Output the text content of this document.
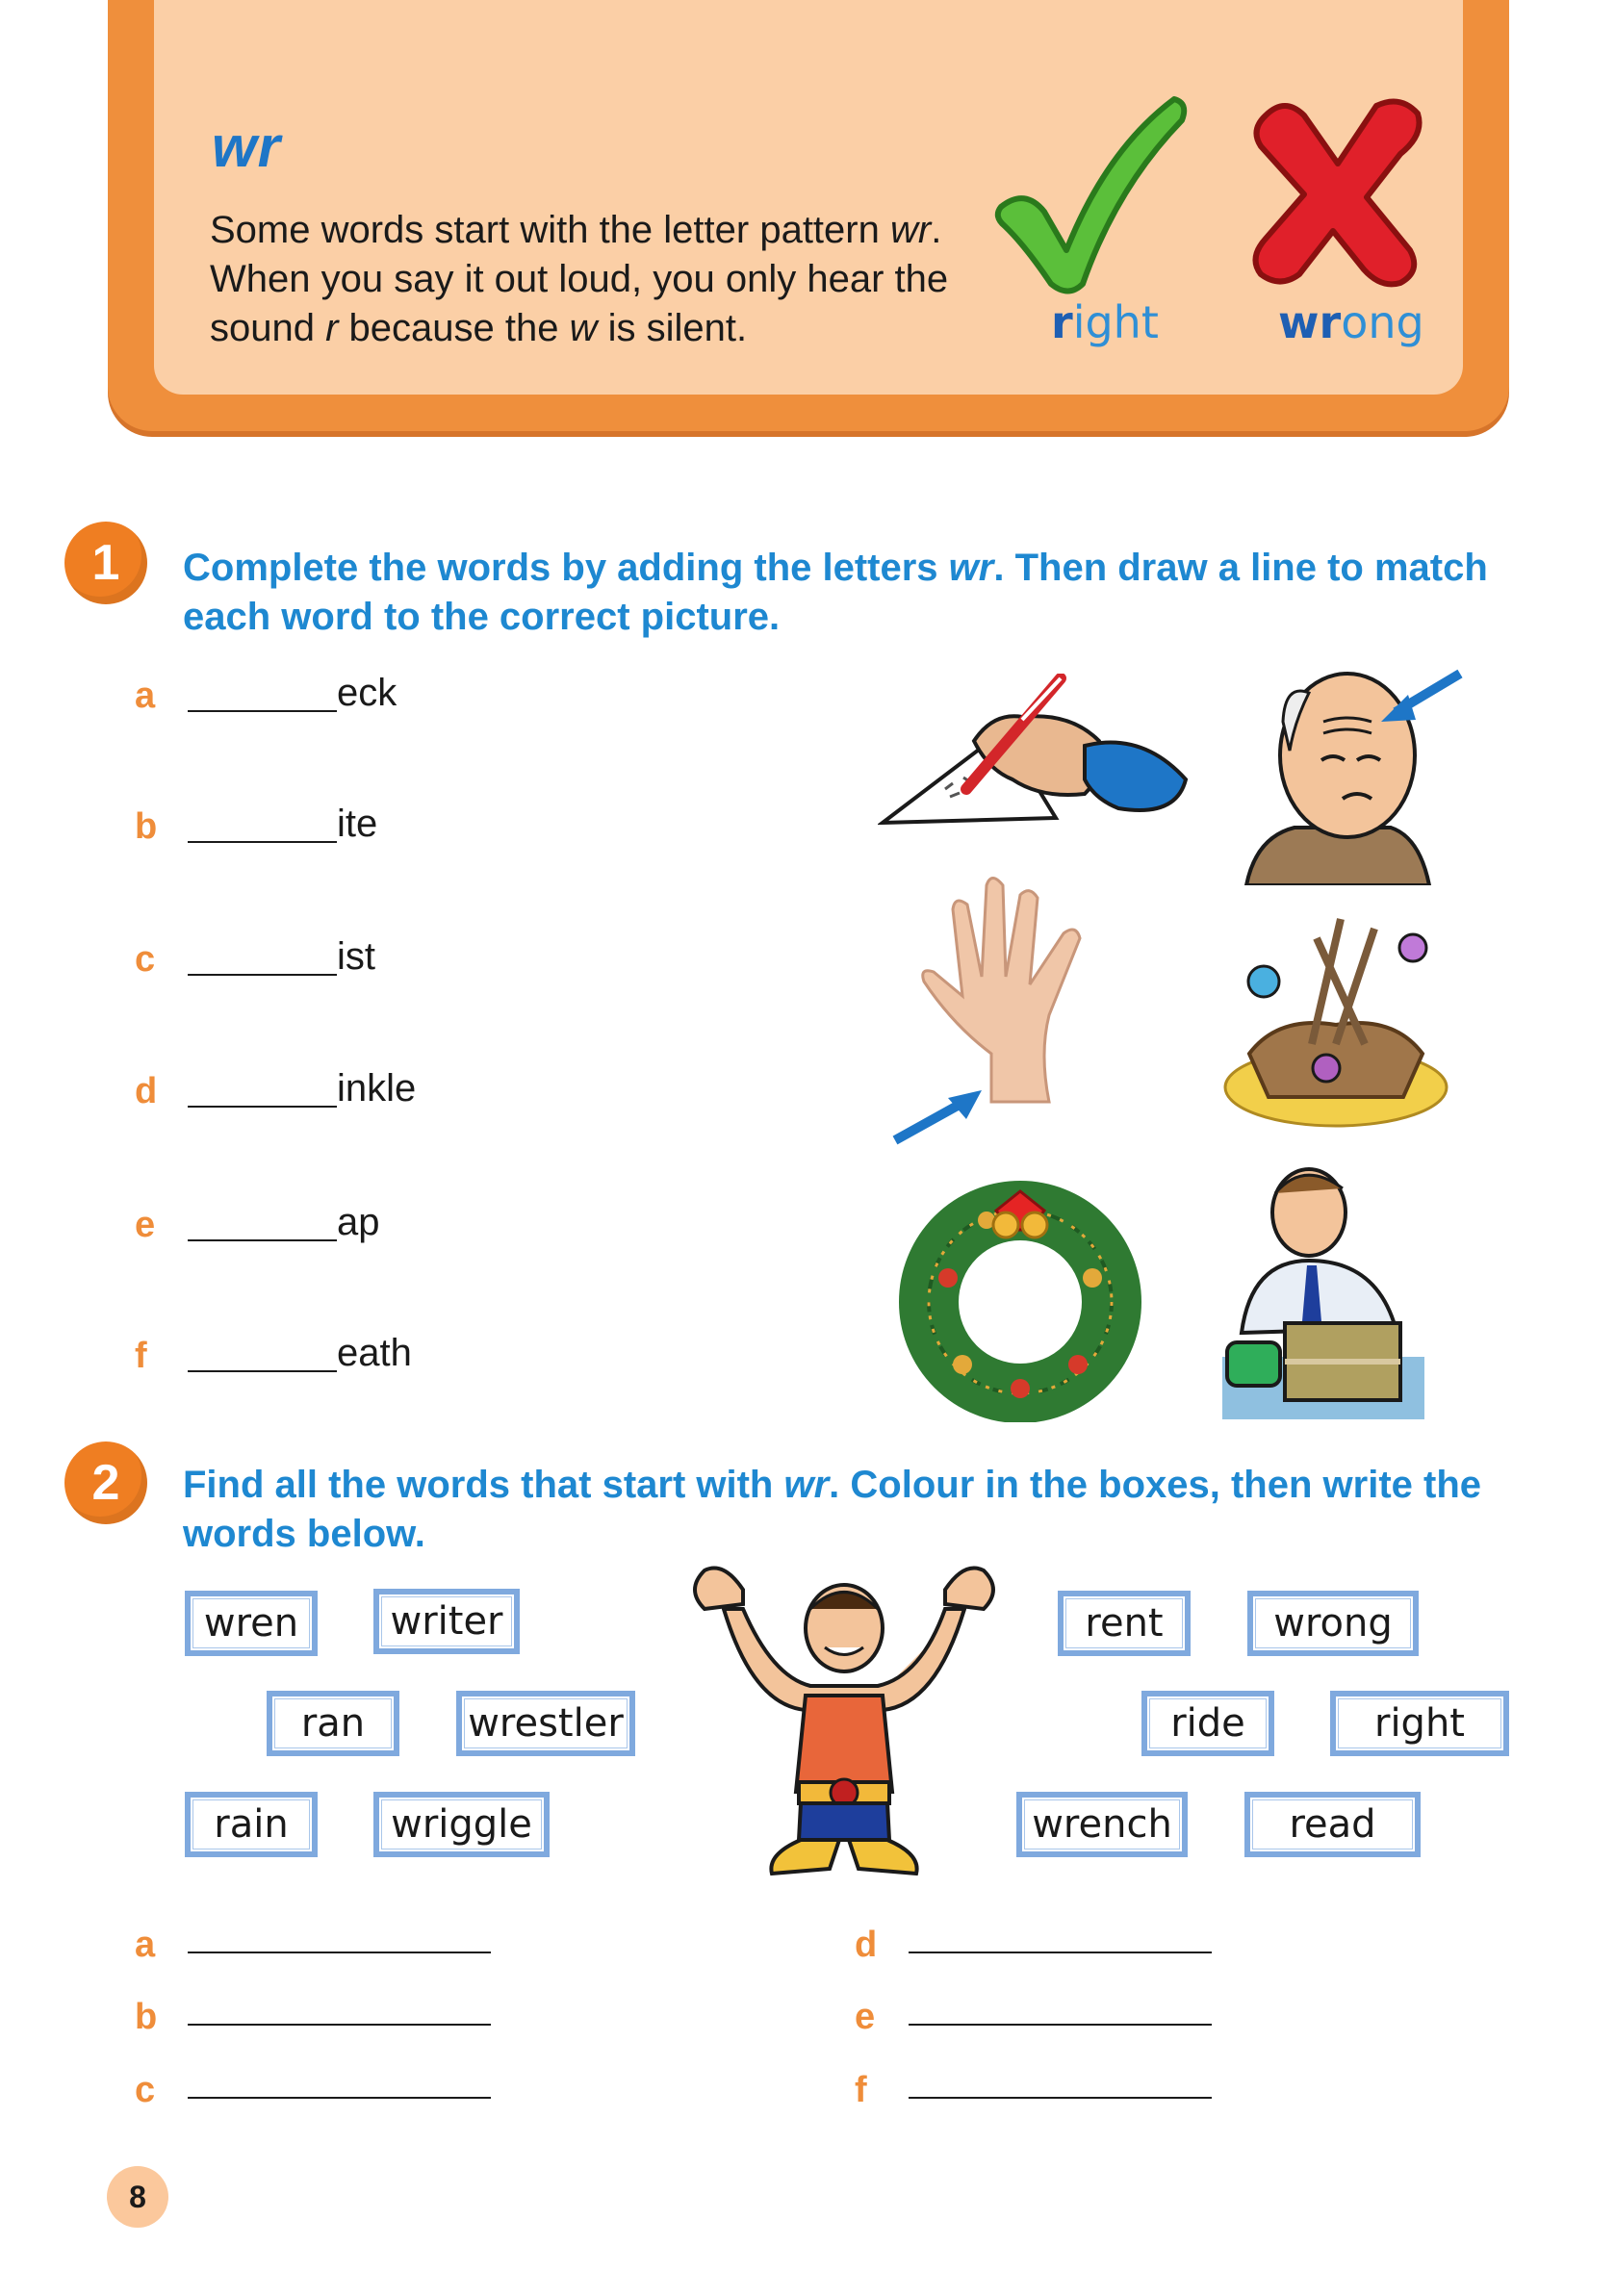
wr
Some words start with the letter pattern wr. When you say it out loud, you only hear the sound r because the w is silent.	right	wrong
1	Complete the words by adding the letters wr. Then draw a line to match each word to the correct picture.
a	eck
b	ite
c	ist
d	inkle
e	ap
f	eath
2	Find all the words that start with wr. Colour in the boxes, then write the words below.
wren	writer
ran	wrestler
rain	wriggle
rent	wrong
ride	right
wrench	read
a
b
c
d
e
f
8
